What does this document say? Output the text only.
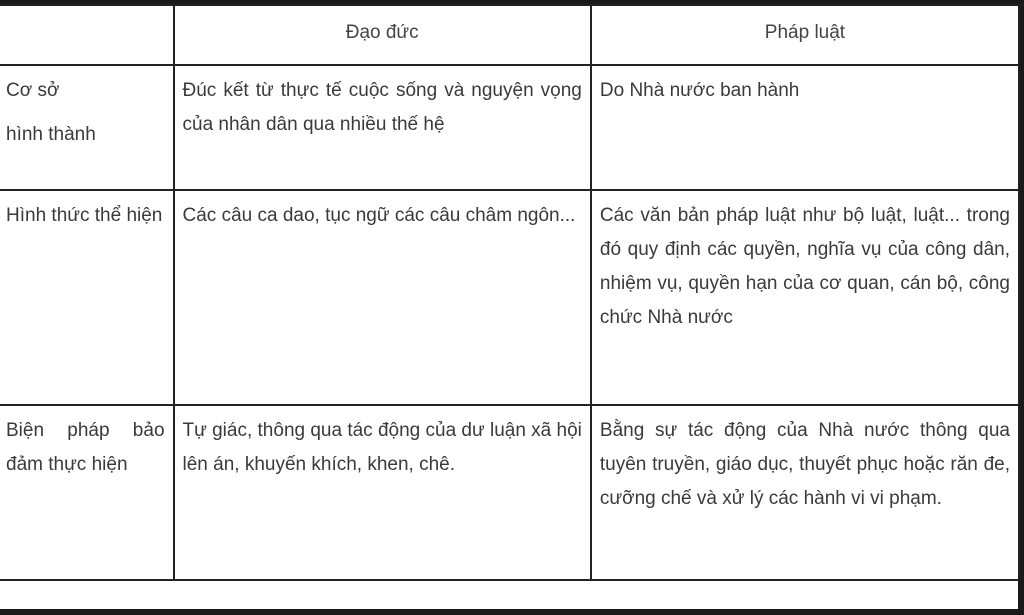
	Đạo đức	Pháp luật
Cơ sở

hình thành	Đúc kết từ thực tế cuộc sống và nguyện vọng của nhân dân qua nhiều thế hệ	Do Nhà nước ban hành
Hình thức thể hiện	Các câu ca dao, tục ngữ các câu châm ngôn...	Các văn bản pháp luật như bộ luật, luật... trong đó quy định các quyền, nghĩa vụ của công dân, nhiệm vụ, quyền hạn của cơ quan, cán bộ, công chức Nhà nước
Biện pháp bảo đảm thực hiện	Tự giác, thông qua tác động của dư luận xã hội lên án, khuyến khích, khen, chê.	Bằng sự tác động của Nhà nước thông qua tuyên truyền, giáo dục, thuyết phục hoặc răn đe, cưỡng chế và xử lý các hành vi vi phạm.
